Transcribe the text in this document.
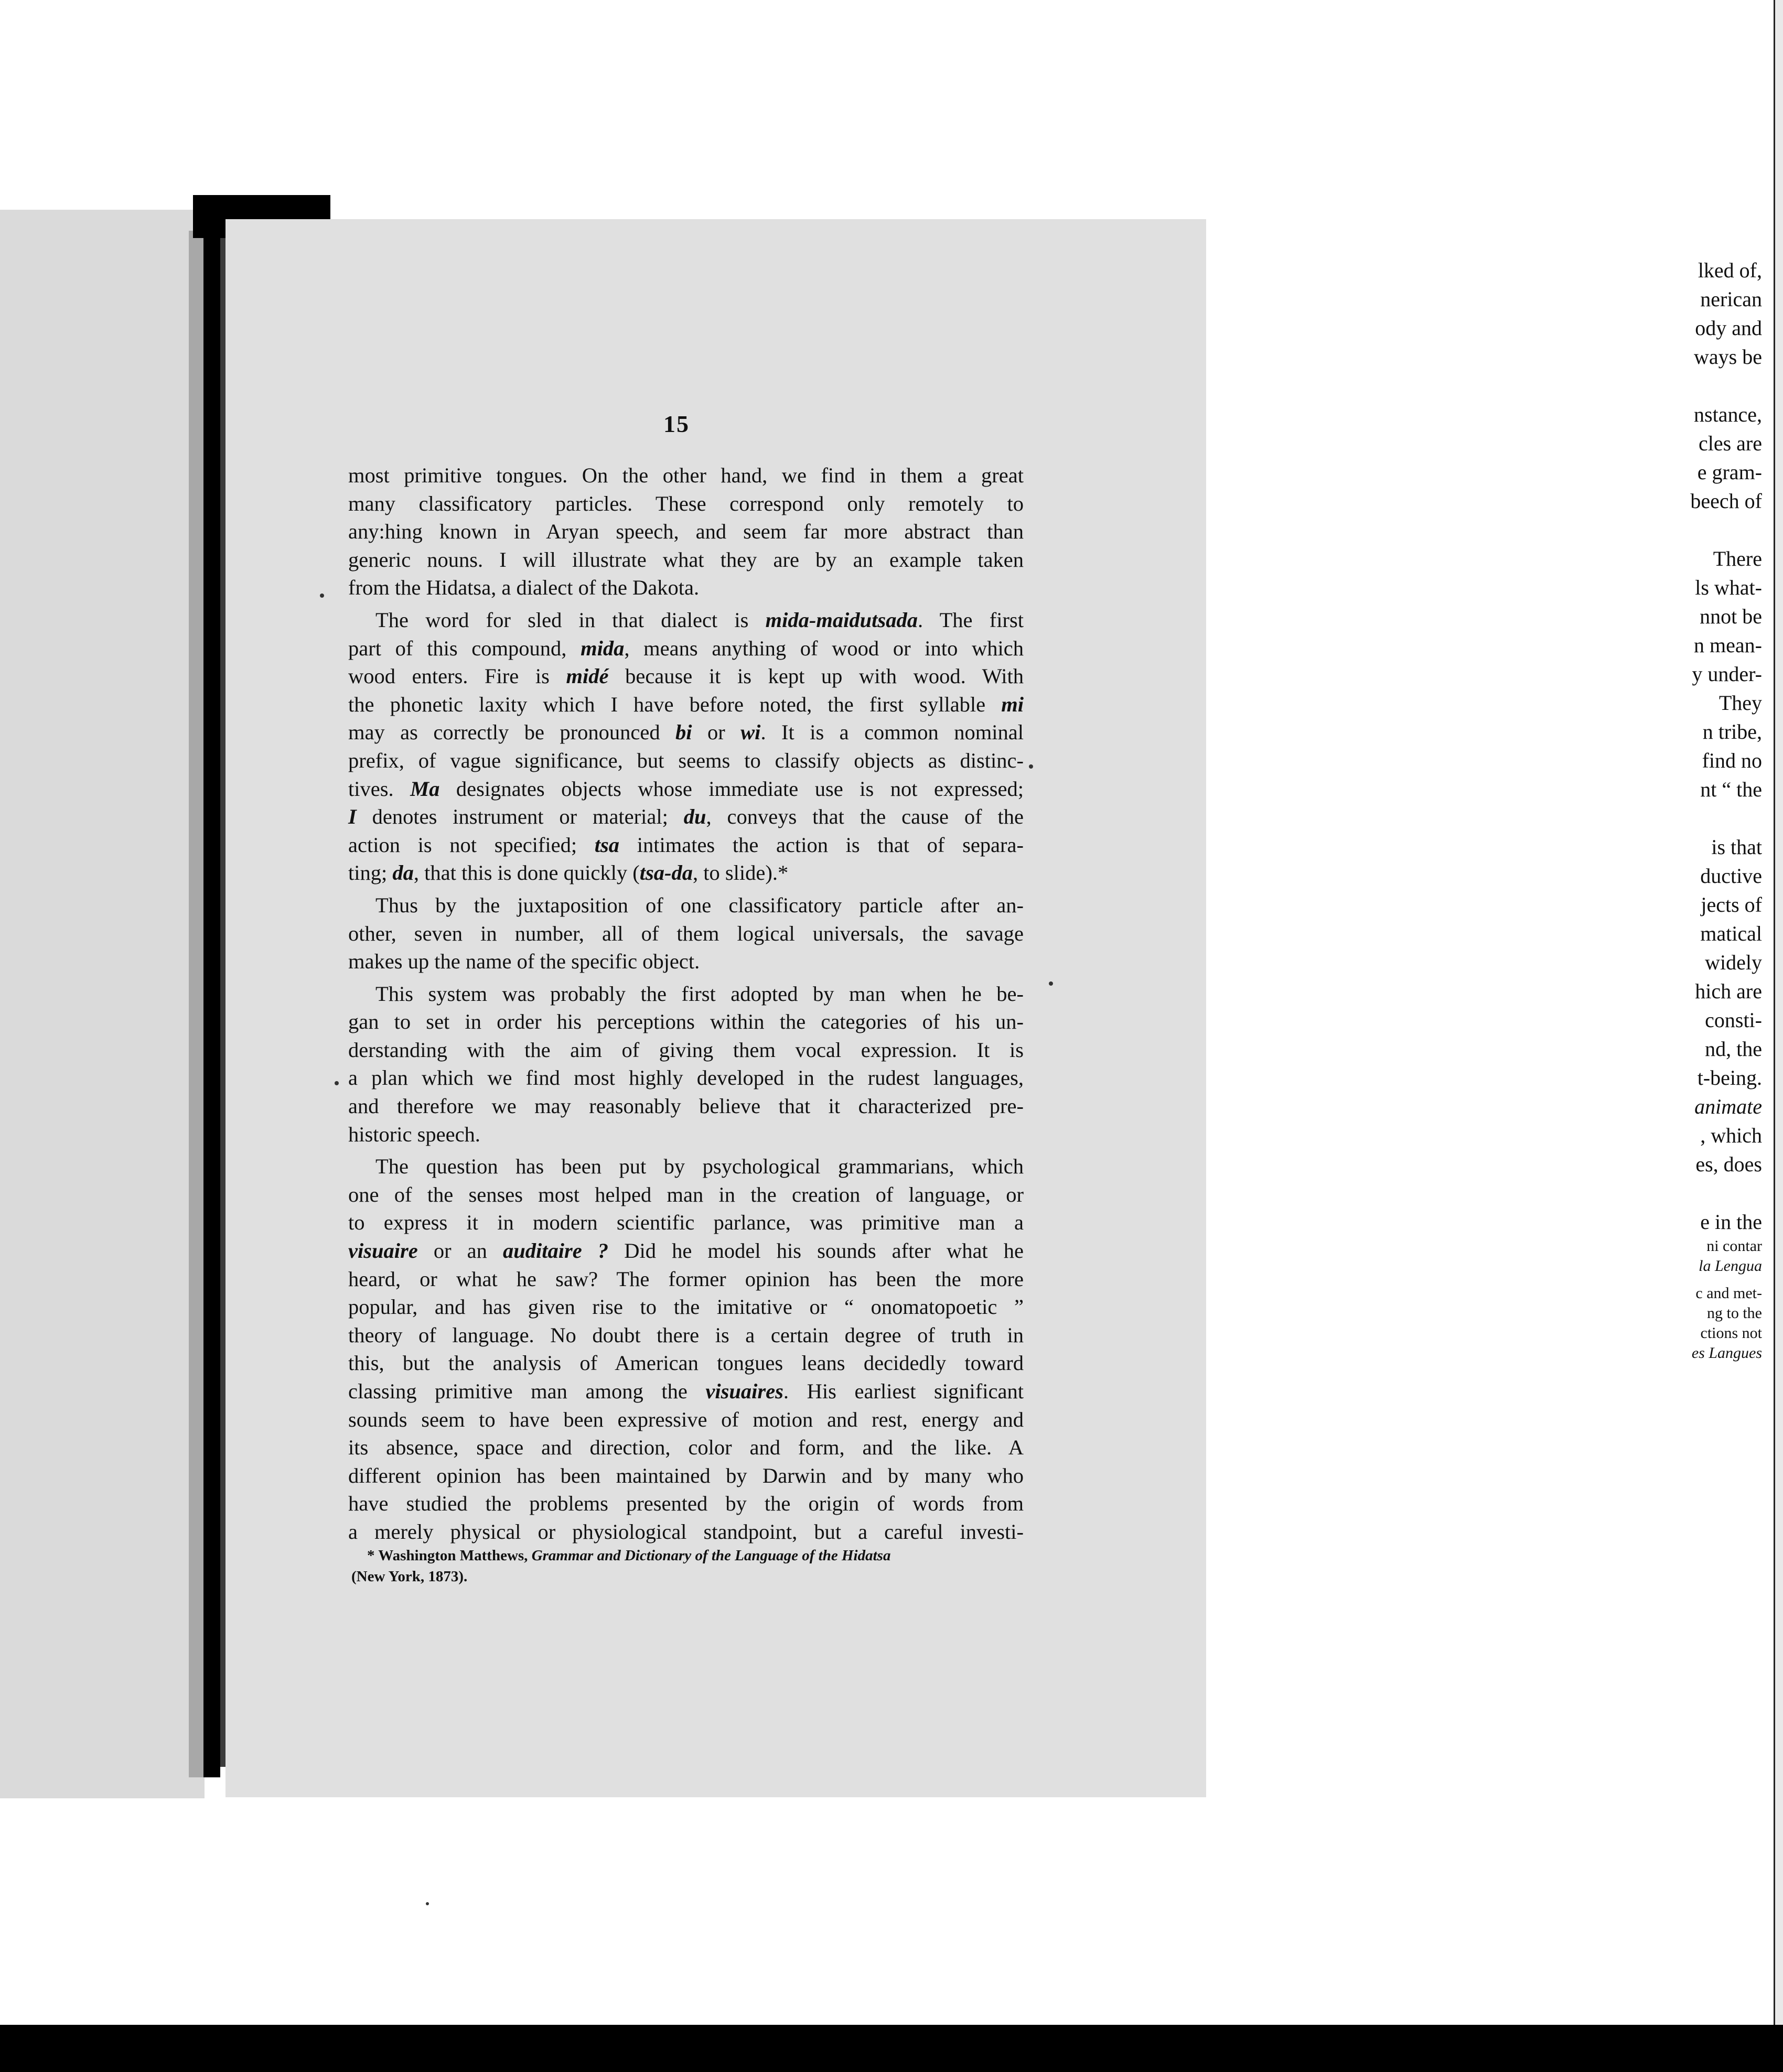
lked of,
nerican
ody and
ways be
nstance,
cles are
e gram-
beech of
There
ls what-
nnot be
n mean-
y under-
They
n tribe,
find no
nt “ the
is that
ductive
jects of
matical
widely
hich are
consti-
nd, the
t-being.
animate
, which
es, does
e in the
ni contar
la Lengua
c and met-
ng to the
ctions not
es Langues
15
most primitive tongues. On the other hand, we find in them a great
many classificatory particles. These correspond only remotely to
any:hing known in Aryan speech, and seem far more abstract than
generic nouns. I will illustrate what they are by an example taken
from the Hidatsa, a dialect of the Dakota.
The word for sled in that dialect is mida-maidutsada. The first
part of this compound, mida, means anything of wood or into which
wood enters. Fire is midé because it is kept up with wood. With
the phonetic laxity which I have before noted, the first syllable mi
may as correctly be pronounced bi or wi. It is a common nominal
prefix, of vague significance, but seems to classify objects as distinc-
tives. Ma designates objects whose immediate use is not expressed;
I denotes instrument or material; du, conveys that the cause of the
action is not specified; tsa intimates the action is that of separa-
ting; da, that this is done quickly (tsa-da, to slide).*
Thus by the juxtaposition of one classificatory particle after an-
other, seven in number, all of them logical universals, the savage
makes up the name of the specific object.
This system was probably the first adopted by man when he be-
gan to set in order his perceptions within the categories of his un-
derstanding with the aim of giving them vocal expression. It is
a plan which we find most highly developed in the rudest languages,
and therefore we may reasonably believe that it characterized pre-
historic speech.
The question has been put by psychological grammarians, which
one of the senses most helped man in the creation of language, or
to express it in modern scientific parlance, was primitive man a
visuaire or an auditaire ? Did he model his sounds after what he
heard, or what he saw? The former opinion has been the more
popular, and has given rise to the imitative or “ onomatopoetic ”
theory of language. No doubt there is a certain degree of truth in
this, but the analysis of American tongues leans decidedly toward
classing primitive man among the visuaires. His earliest significant
sounds seem to have been expressive of motion and rest, energy and
its absence, space and direction, color and form, and the like. A
different opinion has been maintained by Darwin and by many who
have studied the problems presented by the origin of words from
a merely physical or physiological standpoint, but a careful investi-
* Washington Matthews, Grammar and Dictionary of the Language of the Hidatsa
(New York, 1873).
